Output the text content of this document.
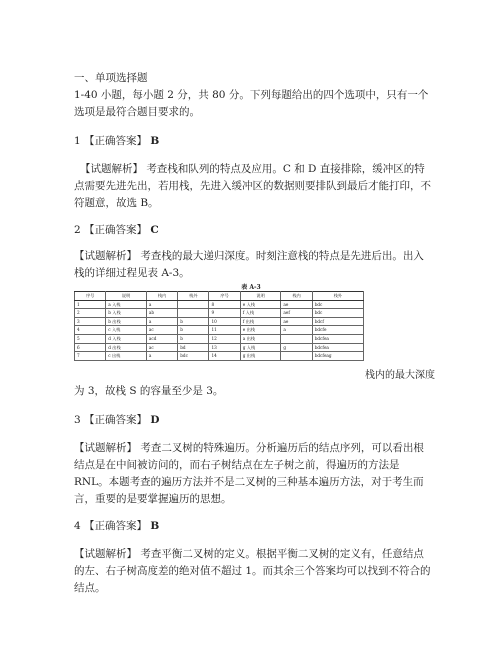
一、单项选择题

1-40 小题，每小题 2 分，共 80 分。下列每题给出的四个选项中，只有一个选项是最符合题目要求的。

1 【正确答案】 B

【试题解析】 考查栈和队列的特点及应用。C 和 D 直接排除，缓冲区的特点需要先进先出，若用栈，先进入缓冲区的数据则要排队到最后才能打印，不符题意，故选 B。

2 【正确答案】 C

【试题解析】 考查栈的最大递归深度。时刻注意栈的特点是先进后出。出入栈的详细过程见表 A-3。

表 A-3
序号	说明	栈内	栈外	序号	说明	栈内	栈外
1	a 入栈	a		8	e 入栈	ae	bdc
2	b 入栈	ab		9	f 入栈	aef	bdc
3	b 出栈	a	b	10	f 出栈	ae	bdcf
4	c 入栈	ac	b	11	e 出栈	a	bdcfe
5	d 入栈	acd	b	12	a 出栈		bdcfea
6	d 出栈	ac	bd	13	g 入栈	g	bdcfea
7	c 出栈	a	bdc	14	g 出栈		bdcfeag
栈内的最大深度
为 3，故栈 S 的容量至少是 3。

3 【正确答案】 D

【试题解析】 考查二叉树的特殊遍历。分析遍历后的结点序列，可以看出根结点是在中间被访问的，而右子树结点在左子树之前，得遍历的方法是 RNL。本题考查的遍历方法并不是二叉树的三种基本遍历方法，对于考生而言，重要的是要掌握遍历的思想。

4 【正确答案】 B

【试题解析】 考查平衡二叉树的定义。根据平衡二叉树的定义有，任意结点的左、右子树高度差的绝对值不超过 1。而其余三个答案均可以找到不符合的结点。
